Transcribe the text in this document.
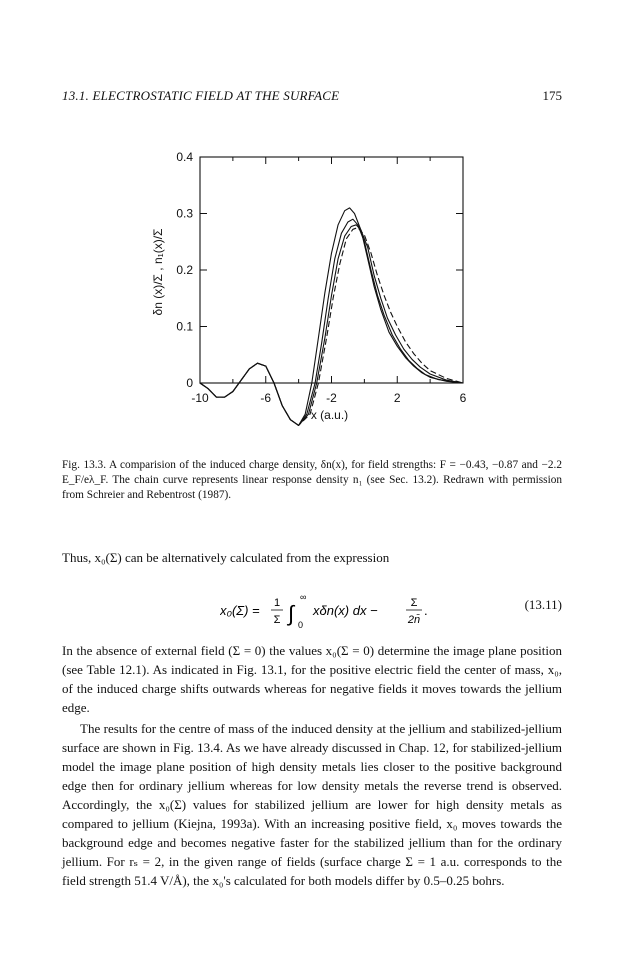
13.1. ELECTROSTATIC FIELD AT THE SURFACE	175
-10	-6	-2	2	6
0
0.1
0.2
0.3
0.4
x (a.u.)
δn (x)/Σ , n₁(x)/Σ
Fig. 13.3. A comparision of the induced charge density, δn(x), for field strengths: F = −0.43, −0.87 and −2.2 E_F/eλ_F. The chain curve represents linear response density n₁ (see Sec. 13.2). Redrawn with permission from Schreier and Rebentrost (1987).
Thus, x₀(Σ) can be alternatively calculated from the expression
x₀(Σ) = 1
Σ ∫
∞
0
xδn(x) dx −	Σ
2n̄
.	(13.11)
In the absence of external field (Σ = 0) the values x₀(Σ = 0) determine the image plane position (see Table 12.1). As indicated in Fig. 13.1, for the positive electric field the center of mass, x₀, of the induced charge shifts outwards whereas for negative fields it moves towards the jellium edge.
The results for the centre of mass of the induced density at the jellium and stabilized-jellium surface are shown in Fig. 13.4. As we have already discussed in Chap. 12, for stabilized-jellium model the image plane position of high density metals lies closer to the positive background edge then for ordinary jellium whereas for low density metals the reverse trend is observed. Accordingly, the x₀(Σ) values for stabilized jellium are lower for high density metals as compared to jellium (Kiejna, 1993a). With an increasing positive field, x₀ moves towards the background edge and becomes negative faster for the stabilized jellium than for the ordinary jellium. For rₛ = 2, in the given range of fields (surface charge Σ = 1 a.u. corresponds to the field strength 51.4 V/Å), the x₀'s calculated for both models differ by 0.5–0.25 bohrs.
